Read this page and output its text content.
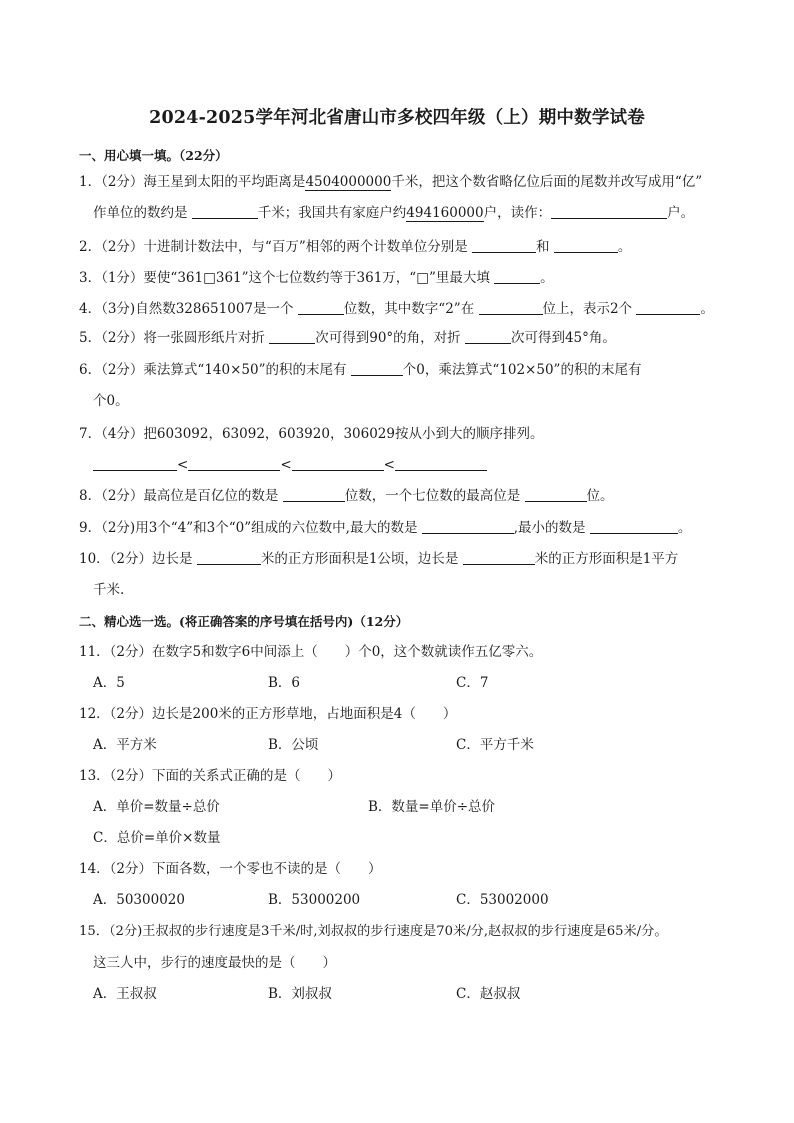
2024-2025学年河北省唐山市多校四年级（上）期中数学试卷
一、用心填一填。（22分）
1．（2分）海王星到太阳的平均距离是4504000000千米，把这个数省略亿位后面的尾数并改写成用“亿”
作单位的数约是	千米；我国共有家庭户约494160000户，读作：	户。
2．（2分）十进制计数法中，与“百万”相邻的两个计数单位分别是	和	。
3．（1分）要使“361□361”这个七位数约等于361万，“□”里最大填	。
4．（3分)自然数328651007是一个	位数，其中数字“2”在	位上，表示2个	。
5．（2分）将一张圆形纸片对折	次可得到90°的角，对折	次可得到45°角。
6．（2分）乘法算式“140×50”的积的末尾有	个0，乘法算式“102×50”的积的末尾有
个0。
7．（4分）把603092，63092，603920，306029按从小到大的顺序排列。
<	<	<
8．（2分）最高位是百亿位的数是	位数，一个七位数的最高位是	位。
9．（2分)用3个“4”和3个“0”组成的六位数中,最大的数是	,最小的数是	。
10．（2分）边长是	米的正方形面积是1公顷，边长是	米的正方形面积是1平方
千米.
二、精心选一选。(将正确答案的序号填在括号内)（12分）
11．（2分）在数字5和数字6中间添上（　　）个0，这个数就读作五亿零六。
A．5	B．6	C．7
12．（2分）边长是200米的正方形草地，占地面积是4（　　）
A．平方米	B．公顷	C．平方千米
13．（2分）下面的关系式正确的是（　　）
A．单价=数量÷总价	B．数量=单价÷总价
C．总价=单价×数量
14．（2分）下面各数，一个零也不读的是（　　）
A．50300020	B．53000200	C．53002000
15．（2分)王叔叔的步行速度是3千米/时,刘叔叔的步行速度是70米/分,赵叔叔的步行速度是65米/分。
这三人中，步行的速度最快的是（　　）
A．王叔叔	B．刘叔叔	C．赵叔叔
